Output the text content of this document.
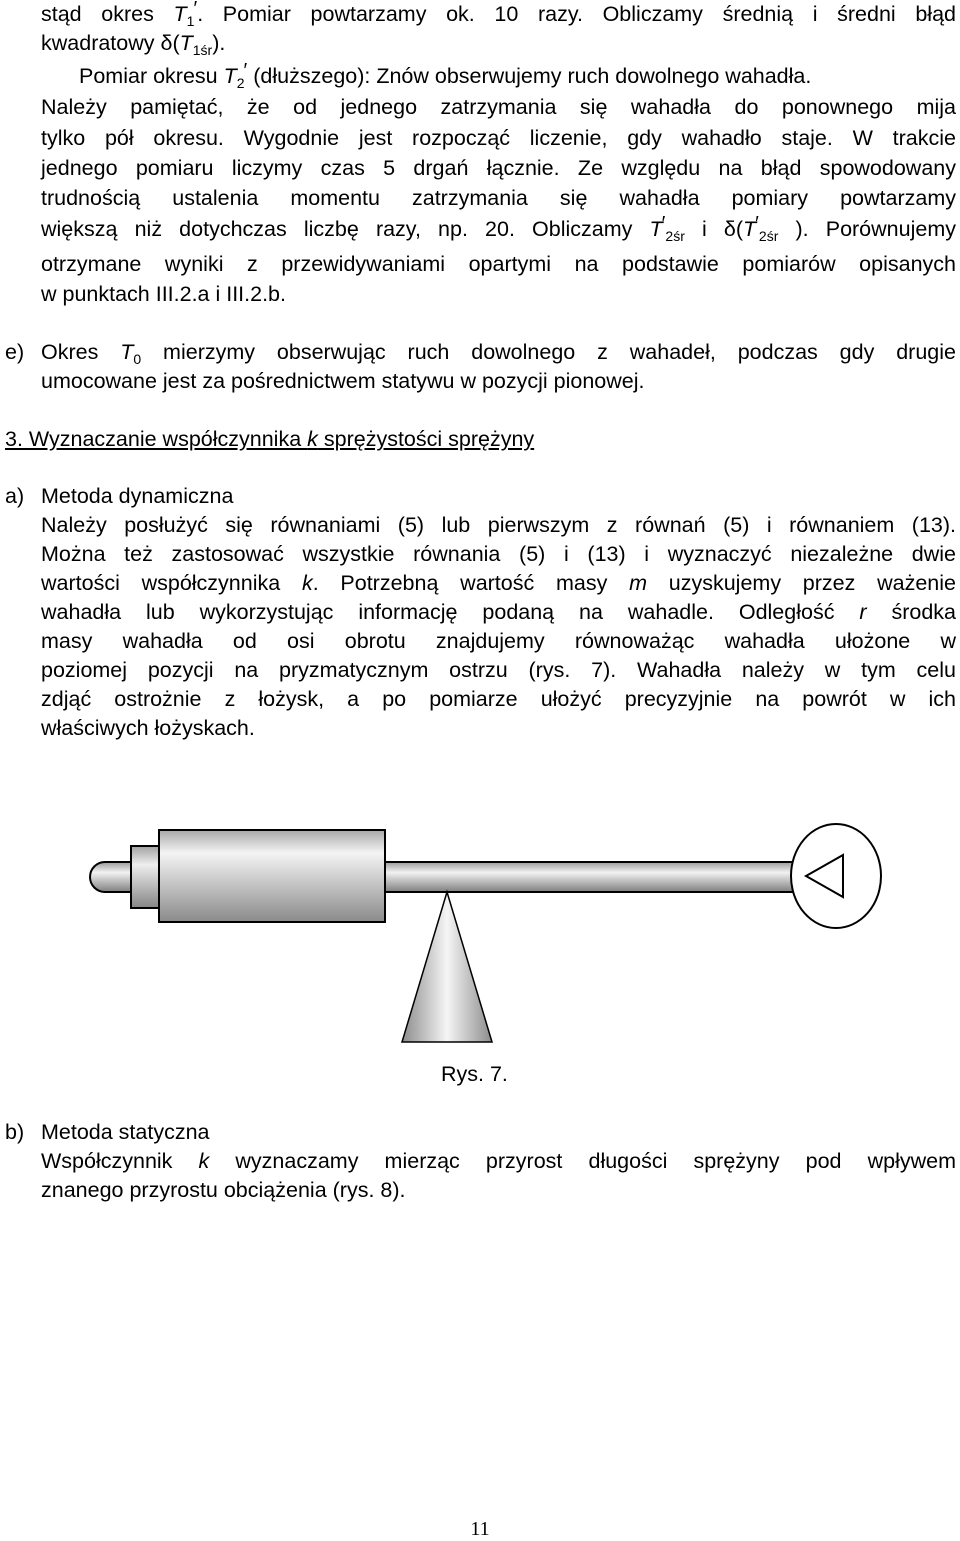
stąd okres $T_1'$. Pomiar powtarzamy ok. 10 razy. Obliczamy średnią i średni błąd
kwadratowy $\delta(T_{1śr})$.
Pomiar okresu $T_2'$ (dłuższego): Znów obserwujemy ruch dowolnego wahadła.
Należy pamiętać, że od jednego zatrzymania się wahadła do ponownego mija
tylko pół okresu. Wygodnie jest rozpocząć liczenie, gdy wahadło staje. W trakcie
jednego pomiaru liczymy czas 5 drgań łącznie. Ze względu na błąd spowodowany
trudnością ustalenia momentu zatrzymania się wahadła pomiary powtarzamy
większą niż dotychczas liczbę razy, np. 20. Obliczamy $T'_{2śr}$ i $\delta(T'_{2śr}$ ). Porównujemy
otrzymane wyniki z przewidywaniami opartymi na podstawie pomiarów opisanych
w punktach III.2.a i III.2.b.
e) Okres $T_0$ mierzymy obserwując ruch dowolnego z wahadeł, podczas gdy drugie
umocowane jest za pośrednictwem statywu w pozycji pionowej.
3. Wyznaczanie współczynnika k sprężystości sprężyny
a) Metoda dynamiczna
Należy posłużyć się równaniami (5) lub pierwszym z równań (5) i równaniem (13).
Można też zastosować wszystkie równania (5) i (13) i wyznaczyć niezależne dwie
wartości współczynnika k. Potrzebną wartość masy m uzyskujemy przez ważenie
wahadła lub wykorzystując informację podaną na wahadle. Odległość r środka
masy wahadła od osi obrotu znajdujemy równoważąc wahadła ułożone w
poziomej pozycji na pryzmatycznym ostrzu (rys. 7). Wahadła należy w tym celu
zdjąć ostrożnie z łożysk, a po pomiarze ułożyć precyzyjnie na powrót w ich
właściwych łożyskach.
Rys. 7.
b) Metoda statyczna
Współczynnik k wyznaczamy mierząc przyrost długości sprężyny pod wpływem
znanego przyrostu obciążenia (rys. 8).
11
